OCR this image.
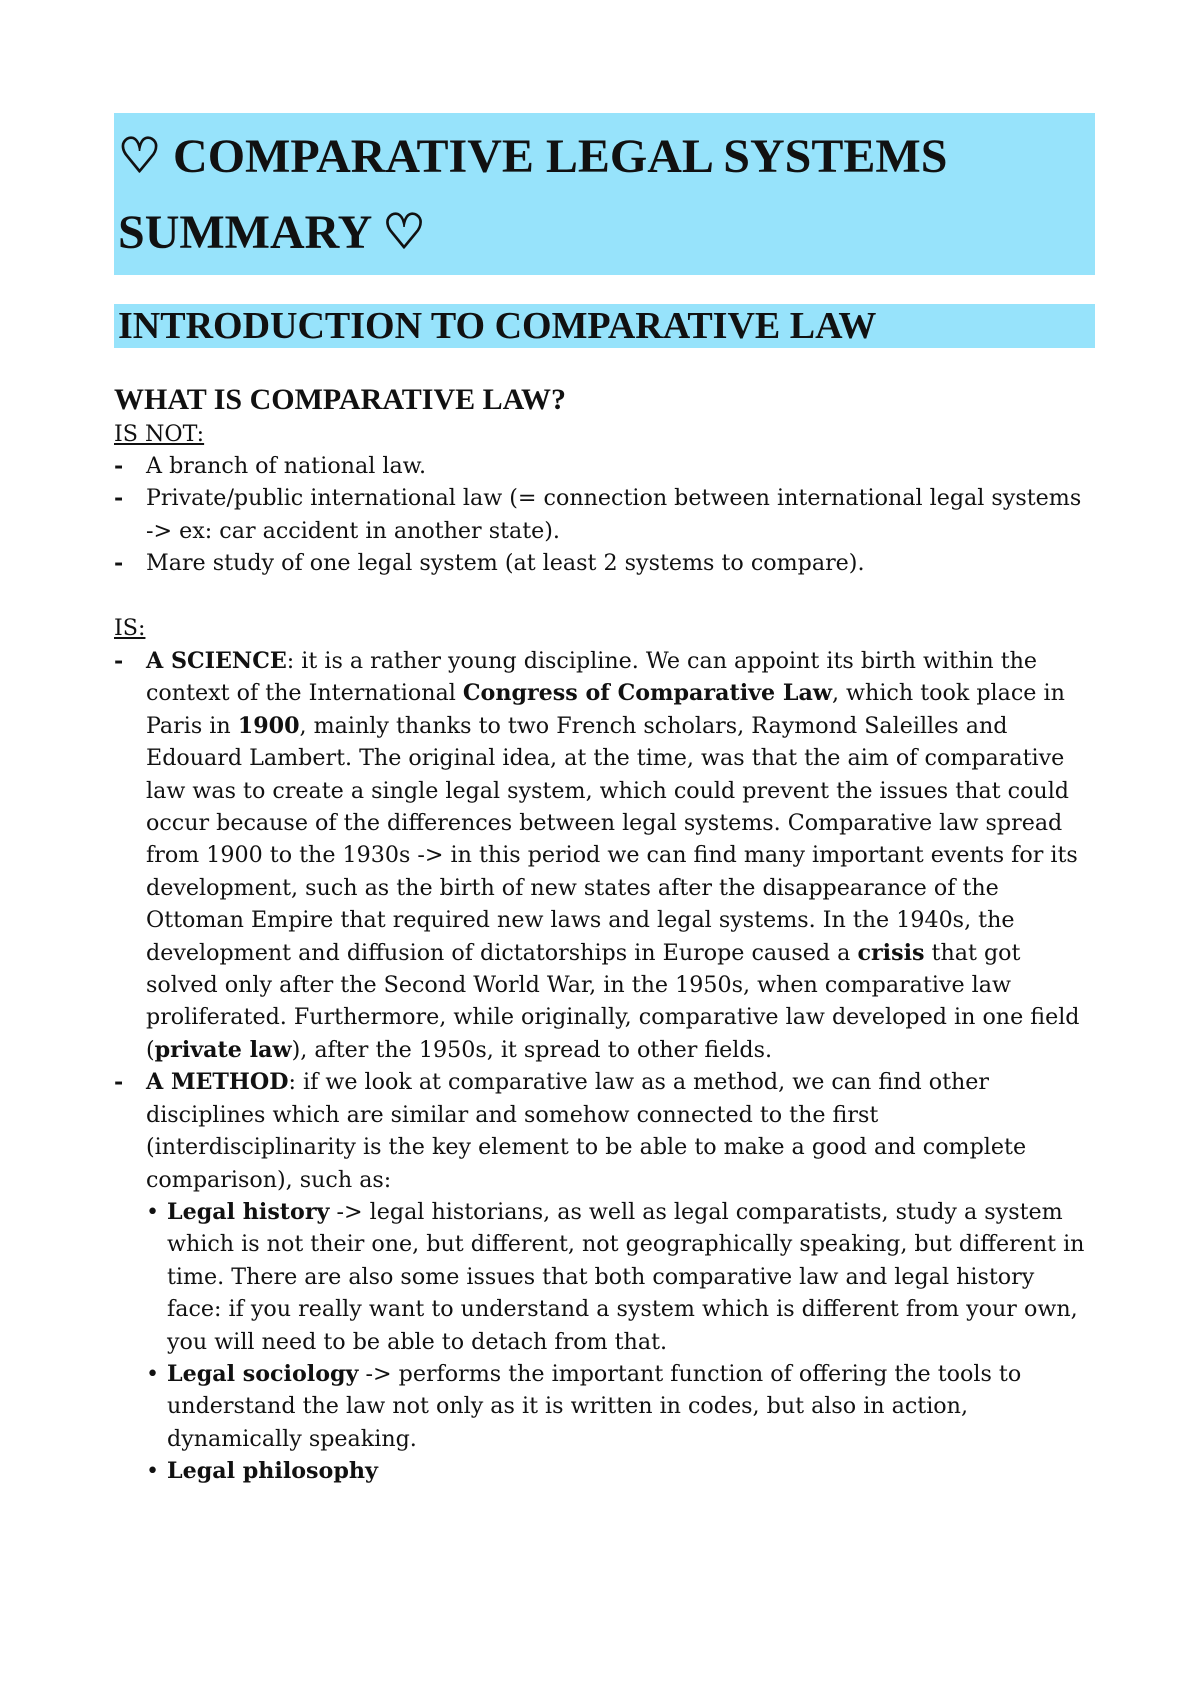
♡ COMPARATIVE LEGAL SYSTEMS SUMMARY ♡
INTRODUCTION TO COMPARATIVE LAW
WHAT IS COMPARATIVE LAW?
IS NOT:
- A branch of national law.
- Private/public international law (= connection between international legal systems -> ex: car accident in another state).
- Mare study of one legal system (at least 2 systems to compare).
IS:
- A SCIENCE: it is a rather young discipline. We can appoint its birth within the context of the International Congress of Comparative Law, which took place in Paris in 1900, mainly thanks to two French scholars, Raymond Saleilles and Edouard Lambert. The original idea, at the time, was that the aim of comparative law was to create a single legal system, which could prevent the issues that could occur because of the differences between legal systems. Comparative law spread from 1900 to the 1930s -> in this period we can find many important events for its development, such as the birth of new states after the disappearance of the Ottoman Empire that required new laws and legal systems. In the 1940s, the development and diffusion of dictatorships in Europe caused a crisis that got solved only after the Second World War, in the 1950s, when comparative law proliferated. Furthermore, while originally, comparative law developed in one field (private law), after the 1950s, it spread to other fields.
- A METHOD: if we look at comparative law as a method, we can find other disciplines which are similar and somehow connected to the first (interdisciplinarity is the key element to be able to make a good and complete comparison), such as:
• Legal history -> legal historians, as well as legal comparatists, study a system which is not their one, but different, not geographically speaking, but different in time. There are also some issues that both comparative law and legal history face: if you really want to understand a system which is different from your own, you will need to be able to detach from that.
• Legal sociology -> performs the important function of offering the tools to understand the law not only as it is written in codes, but also in action, dynamically speaking.
• Legal philosophy
